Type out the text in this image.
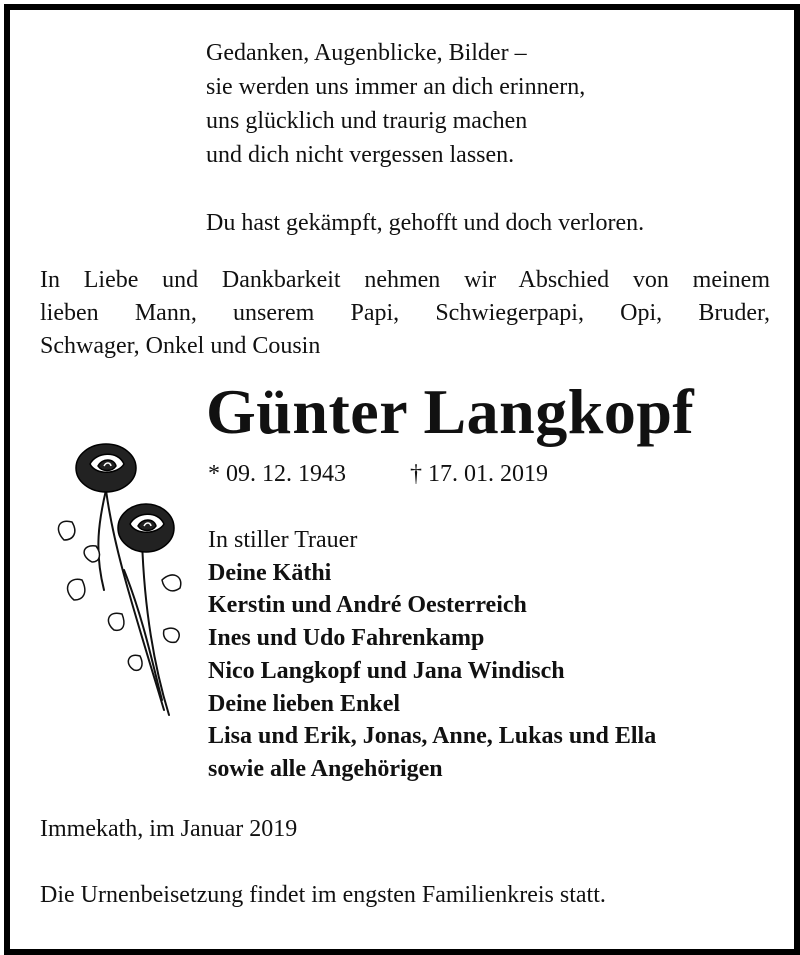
Gedanken, Augenblicke, Bilder –

sie werden uns immer an dich erinnern,

uns glücklich und traurig machen

und dich nicht vergessen lassen.

Du hast gekämpft, gehofft und doch verloren.

In Liebe und Dankbarkeit nehmen wir Abschied von meinem
lieben Mann, unserem Papi, Schwiegerpapi, Opi, Bruder,
Schwager, Onkel und Cousin
Günter Langkopf
* 09. 12. 1943	† 17. 01. 2019
In stiller Trauer
Deine Käthi
Kerstin und André Oesterreich
Ines und Udo Fahrenkamp
Nico Langkopf und Jana Windisch
Deine lieben Enkel
Lisa und Erik, Jonas, Anne, Lukas und Ella
sowie alle Angehörigen
Immekath, im Januar 2019
Die Urnenbeisetzung findet im engsten Familienkreis statt.
